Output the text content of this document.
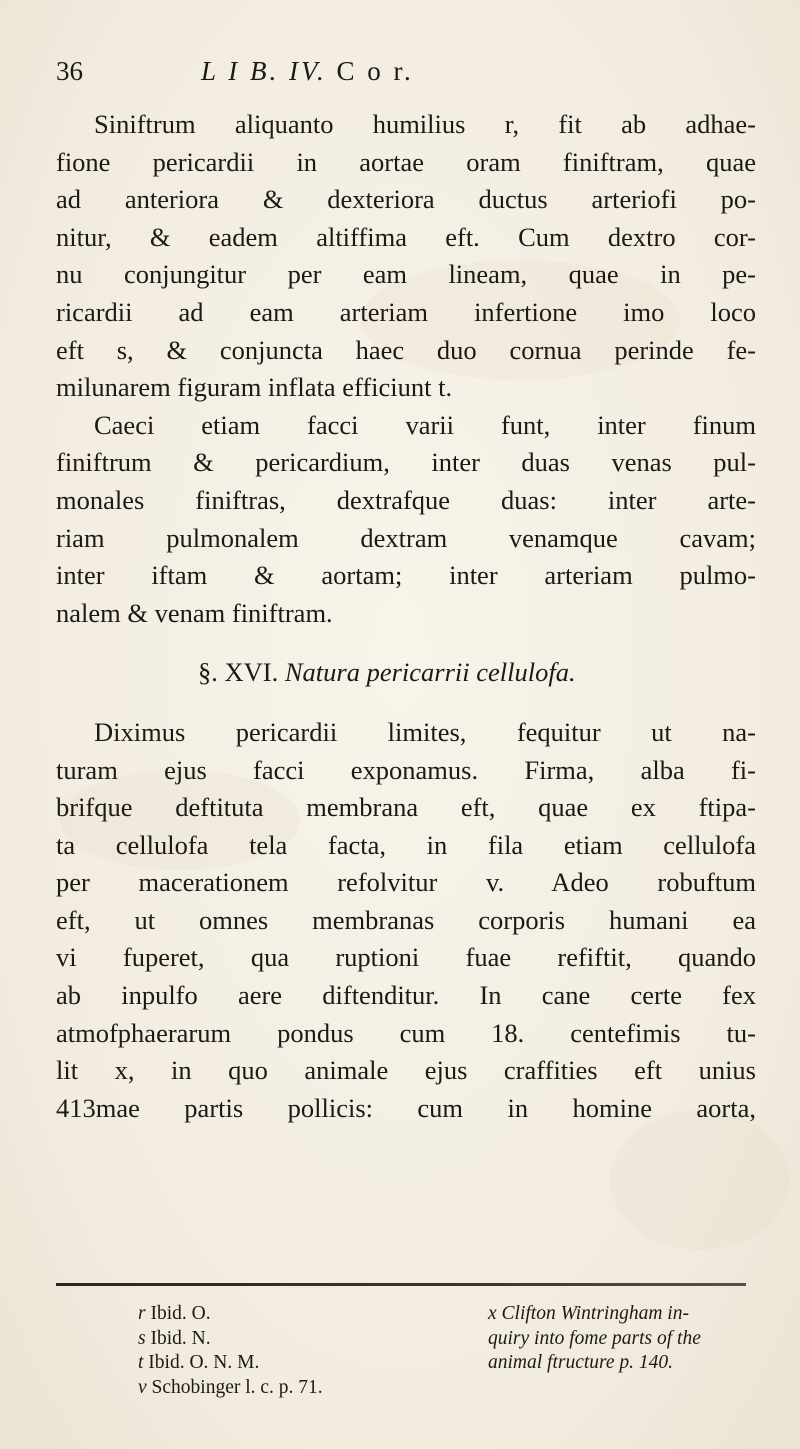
36	L I B. IV. C o r.
Siniftrum aliquanto humilius r, fit ab adhae-
fione pericardii in aortae oram finiftram, quae
ad anteriora & dexteriora ductus arteriofi po-
nitur, & eadem altiffima eft. Cum dextro cor-
nu conjungitur per eam lineam, quae in pe-
ricardii ad eam arteriam infertione imo loco
eft s, & conjuncta haec duo cornua perinde fe-
milunarem figuram inflata efficiunt t.
Caeci etiam facci varii funt, inter finum
finiftrum & pericardium, inter duas venas pul-
monales finiftras, dextrafque duas: inter arte-
riam pulmonalem dextram venamque cavam;
inter iftam & aortam; inter arteriam pulmo-
nalem & venam finiftram.
§. XVI. Natura pericarrii cellulofa.
Diximus pericardii limites, fequitur ut na-
turam ejus facci exponamus. Firma, alba fi-
brifque deftituta membrana eft, quae ex ftipa-
ta cellulofa tela facta, in fila etiam cellulofa
per macerationem refolvitur v. Adeo robuftum
eft, ut omnes membranas corporis humani ea
vi fuperet, qua ruptioni fuae refiftit, quando
ab inpulfo aere diftenditur. In cane certe fex
atmofphaerarum pondus cum 18. centefimis tu-
lit x, in quo animale ejus craffities eft unius
413mae partis pollicis: cum in homine aorta,
r Ibid. O.
s Ibid. N.
t Ibid. O. N. M.
v Schobinger l. c. p. 71.
x Clifton Wintringham in-
quiry into fome parts of the
animal ftructure p. 140.
